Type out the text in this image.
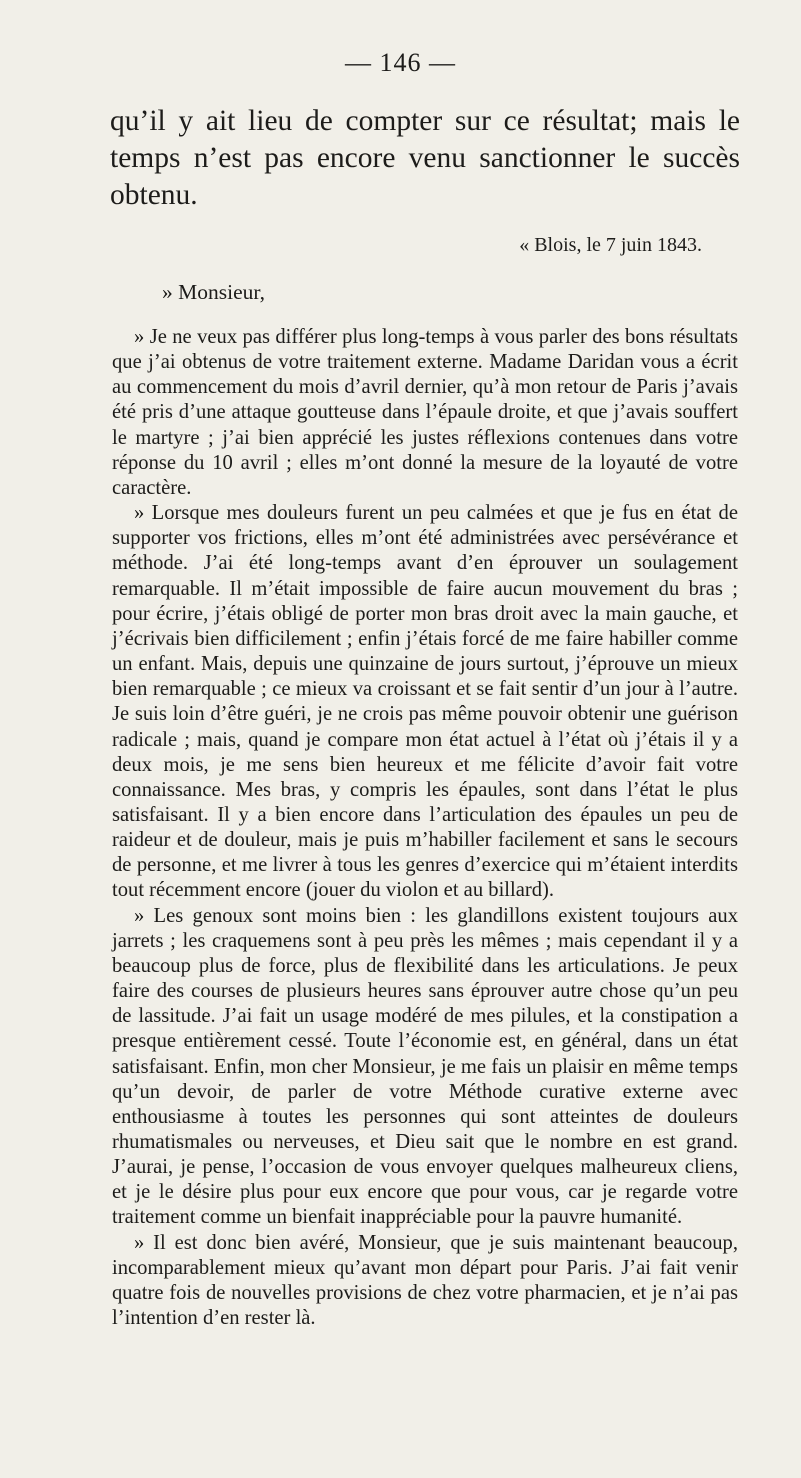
— 146 —
qu’il y ait lieu de compter sur ce résultat; mais le temps n’est pas encore venu sanctionner le succès obtenu.
« Blois, le 7 juin 1843.
» Monsieur,

» Je ne veux pas différer plus long-temps à vous parler des bons résultats que j’ai obtenus de votre traitement externe. Madame Daridan vous a écrit au commencement du mois d’avril dernier, qu’à mon retour de Paris j’avais été pris d’une attaque goutteuse dans l’épaule droite, et que j’avais souffert le martyre ; j’ai bien apprécié les justes réflexions contenues dans votre réponse du 10 avril ; elles m’ont donné la mesure de la loyauté de votre caractère.

» Lorsque mes douleurs furent un peu calmées et que je fus en état de supporter vos frictions, elles m’ont été administrées avec persévérance et méthode. J’ai été long-temps avant d’en éprouver un soulagement remarquable. Il m’était impossible de faire aucun mouvement du bras ; pour écrire, j’étais obligé de porter mon bras droit avec la main gauche, et j’écrivais bien difficilement ; enfin j’étais forcé de me faire habiller comme un enfant. Mais, depuis une quinzaine de jours surtout, j’éprouve un mieux bien remarquable ; ce mieux va croissant et se fait sentir d’un jour à l’autre. Je suis loin d’être guéri, je ne crois pas même pouvoir obtenir une guérison radicale ; mais, quand je compare mon état actuel à l’état où j’étais il y a deux mois, je me sens bien heureux et me félicite d’avoir fait votre connaissance. Mes bras, y compris les épaules, sont dans l’état le plus satisfaisant. Il y a bien encore dans l’articulation des épaules un peu de raideur et de douleur, mais je puis m’habiller facilement et sans le secours de personne, et me livrer à tous les genres d’exercice qui m’étaient interdits tout récemment encore (jouer du violon et au billard).

» Les genoux sont moins bien : les glandillons existent toujours aux jarrets ; les craquemens sont à peu près les mêmes ; mais cependant il y a beaucoup plus de force, plus de flexibilité dans les articulations. Je peux faire des courses de plusieurs heures sans éprouver autre chose qu’un peu de lassitude. J’ai fait un usage modéré de mes pilules, et la constipation a presque entièrement cessé. Toute l’économie est, en général, dans un état satisfaisant. Enfin, mon cher Monsieur, je me fais un plaisir en même temps qu’un devoir, de parler de votre Méthode curative externe avec enthousiasme à toutes les personnes qui sont atteintes de douleurs rhumatismales ou nerveuses, et Dieu sait que le nombre en est grand. J’aurai, je pense, l’occasion de vous envoyer quelques malheureux cliens, et je le désire plus pour eux encore que pour vous, car je regarde votre traitement comme un bienfait inappréciable pour la pauvre humanité.

» Il est donc bien avéré, Monsieur, que je suis maintenant beaucoup, incomparablement mieux qu’avant mon départ pour Paris. J’ai fait venir quatre fois de nouvelles provisions de chez votre pharmacien, et je n’ai pas l’intention d’en rester là.
